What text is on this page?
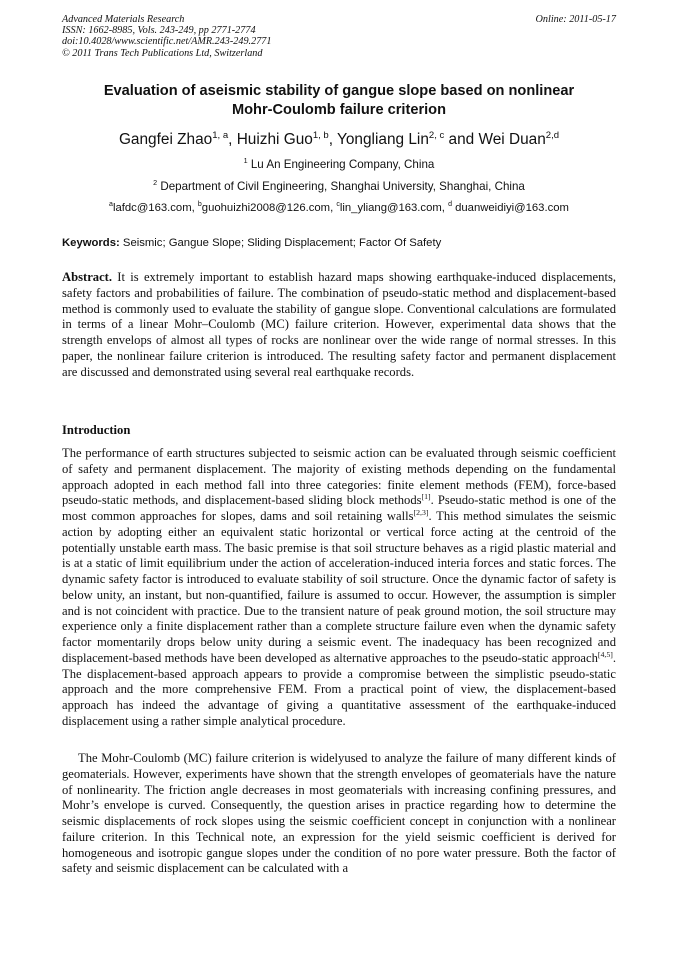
Advanced Materials Research
ISSN: 1662-8985, Vols. 243-249, pp 2771-2774
doi:10.4028/www.scientific.net/AMR.243-249.2771
© 2011 Trans Tech Publications Ltd, Switzerland
Online: 2011-05-17
Evaluation of aseismic stability of gangue slope based on nonlinear
Mohr-Coulomb failure criterion
Gangfei Zhao$^{1, a}$, Huizhi Guo$^{1, b}$, Yongliang Lin$^{2, c}$ and Wei Duan$^{2,d}$
$^1$ Lu An Engineering Company, China
$^2$ Department of Civil Engineering, Shanghai University, Shanghai, China
$^a$lafdc@163.com, $^b$guohuizhi2008@126.com, $^c$lin_yliang@163.com, $^d$ duanweidiyi@163.com
Keywords: Seismic; Gangue Slope; Sliding Displacement; Factor Of Safety
Abstract. It is extremely important to establish hazard maps showing earthquake-induced displacements, safety factors and probabilities of failure. The combination of pseudo-static method and displacement-based method is commonly used to evaluate the stability of gangue slope. Conventional calculations are formulated in terms of a linear Mohr–Coulomb (MC) failure criterion. However, experimental data shows that the strength envelops of almost all types of rocks are nonlinear over the wide range of normal stresses. In this paper, the nonlinear failure criterion is introduced. The resulting safety factor and permanent displacement are discussed and demonstrated using several real earthquake records.
Introduction
The performance of earth structures subjected to seismic action can be evaluated through seismic coefficient of safety and permanent displacement. The majority of existing methods depending on the fundamental approach adopted in each method fall into three categories: finite element methods (FEM), force-based pseudo-static methods, and displacement-based sliding block methods[1]. Pseudo-static method is one of the most common approaches for slopes, dams and soil retaining walls[2,3]. This method simulates the seismic action by adopting either an equivalent static horizontal or vertical force acting at the centroid of the potentially unstable earth mass. The basic premise is that soil structure behaves as a rigid plastic material and is at a static of limit equilibrium under the action of acceleration-induced interia forces and static forces. The dynamic safety factor is introduced to evaluate stability of soil structure. Once the dynamic factor of safety is below unity, an instant, but non-quantified, failure is assumed to occur. However, the assumption is simpler and is not coincident with practice. Due to the transient nature of peak ground motion, the soil structure may experience only a finite displacement rather than a complete structure failure even when the dynamic safety factor momentarily drops below unity during a seismic event. The inadequacy has been recognized and displacement-based methods have been developed as alternative approaches to the pseudo-static approach[4,5]. The displacement-based approach appears to provide a compromise between the simplistic pseudo-static approach and the more comprehensive FEM. From a practical point of view, the displacement-based approach has indeed the advantage of giving a quantitative assessment of the earthquake-induced displacement using a rather simple analytical procedure.
The Mohr-Coulomb (MC) failure criterion is widelyused to analyze the failure of many different kinds of geomaterials. However, experiments have shown that the strength envelopes of geomaterials have the nature of nonlinearity. The friction angle decreases in most geomaterials with increasing confining pressures, and Mohr’s envelope is curved. Consequently, the question arises in practice regarding how to determine the seismic displacements of rock slopes using the seismic coefficient concept in conjunction with a nonlinear failure criterion. In this Technical note, an expression for the yield seismic coefficient is derived for homogeneous and isotropic gangue slopes under the condition of no pore water pressure. Both the factor of safety and seismic displacement can be calculated with a
